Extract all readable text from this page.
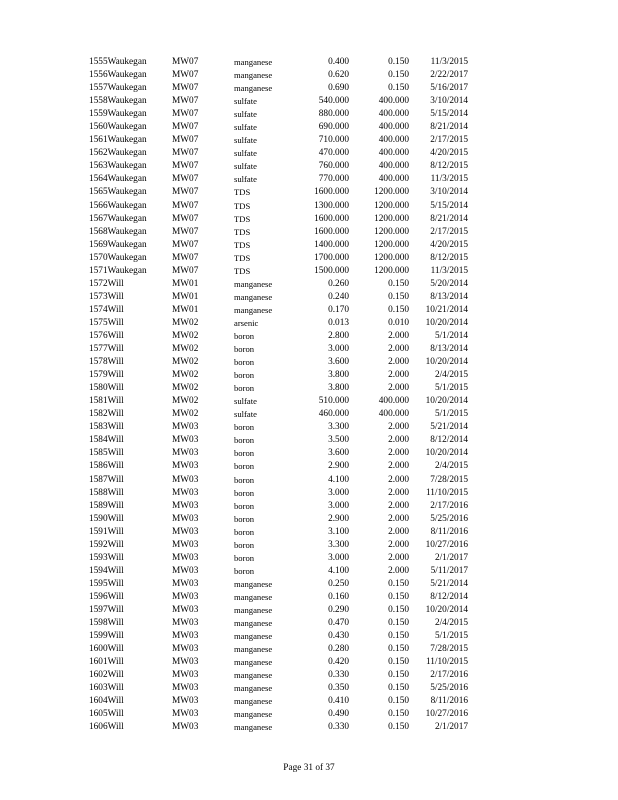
1555Waukegan	MW07	manganese	0.400	0.150 11/3/2015
1556Waukegan	MW07	manganese	0.620	0.150 2/22/2017
1557Waukegan	MW07	manganese	0.690	0.150 5/16/2017
1558Waukegan	MW07	sulfate	540.000	400.000 3/10/2014
1559Waukegan	MW07	sulfate	880.000	400.000 5/15/2014
1560Waukegan	MW07	sulfate	690.000	400.000 8/21/2014
1561Waukegan	MW07	sulfate	710.000	400.000 2/17/2015
1562Waukegan	MW07	sulfate	470.000	400.000 4/20/2015
1563Waukegan	MW07	sulfate	760.000	400.000 8/12/2015
1564Waukegan	MW07	sulfate	770.000	400.000 11/3/2015
1565Waukegan	MW07	TDS	1600.000	1200.000 3/10/2014
1566Waukegan	MW07	TDS	1300.000	1200.000 5/15/2014
1567Waukegan	MW07	TDS	1600.000	1200.000 8/21/2014
1568Waukegan	MW07	TDS	1600.000	1200.000 2/17/2015
1569Waukegan	MW07	TDS	1400.000	1200.000 4/20/2015
1570Waukegan	MW07	TDS	1700.000	1200.000 8/12/2015
1571Waukegan	MW07	TDS	1500.000	1200.000 11/3/2015
1572Will	MW01	manganese	0.260	0.150 5/20/2014
1573Will	MW01	manganese	0.240	0.150 8/13/2014
1574Will	MW01	manganese	0.170	0.150 10/21/2014
1575Will	MW02	arsenic	0.013	0.010 10/20/2014
1576Will	MW02	boron	2.800	2.000	5/1/2014
1577Will	MW02	boron	3.000	2.000 8/13/2014
1578Will	MW02	boron	3.600	2.000 10/20/2014
1579Will	MW02	boron	3.800	2.000	2/4/2015
1580Will	MW02	boron	3.800	2.000	5/1/2015
1581Will	MW02	sulfate	510.000	400.000 10/20/2014
1582Will	MW02	sulfate	460.000	400.000	5/1/2015
1583Will	MW03	boron	3.300	2.000 5/21/2014
1584Will	MW03	boron	3.500	2.000 8/12/2014
1585Will	MW03	boron	3.600	2.000 10/20/2014
1586Will	MW03	boron	2.900	2.000	2/4/2015
1587Will	MW03	boron	4.100	2.000 7/28/2015
1588Will	MW03	boron	3.000	2.000 11/10/2015
1589Will	MW03	boron	3.000	2.000 2/17/2016
1590Will	MW03	boron	2.900	2.000 5/25/2016
1591Will	MW03	boron	3.100	2.000 8/11/2016
1592Will	MW03	boron	3.300	2.000 10/27/2016
1593Will	MW03	boron	3.000	2.000	2/1/2017
1594Will	MW03	boron	4.100	2.000 5/11/2017
1595Will	MW03	manganese	0.250	0.150 5/21/2014
1596Will	MW03	manganese	0.160	0.150 8/12/2014
1597Will	MW03	manganese	0.290	0.150 10/20/2014
1598Will	MW03	manganese	0.470	0.150	2/4/2015
1599Will	MW03	manganese	0.430	0.150	5/1/2015
1600Will	MW03	manganese	0.280	0.150 7/28/2015
1601Will	MW03	manganese	0.420	0.150 11/10/2015
1602Will	MW03	manganese	0.330	0.150 2/17/2016
1603Will	MW03	manganese	0.350	0.150 5/25/2016
1604Will	MW03	manganese	0.410	0.150 8/11/2016
1605Will	MW03	manganese	0.490	0.150 10/27/2016
1606Will	MW03	manganese	0.330	0.150	2/1/2017
Page 31 of 37
